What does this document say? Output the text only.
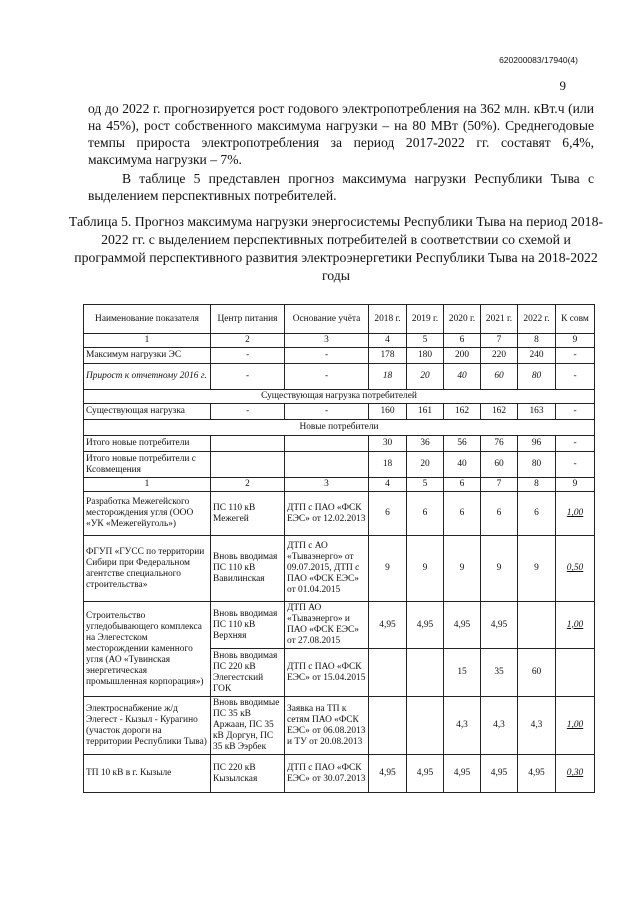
620200083/17940(4)
9

од до 2022 г. прогнозируется рост годового электропотребления на 362 млн. кВт.ч (или на 45%), рост собственного максимума нагрузки – на 80 МВт (50%). Среднегодовые темпы прироста электропотребления за период 2017-2022 гг. составят 6,4%, максимума нагрузки – 7%.

В таблице 5 представлен прогноз максимума нагрузки Республики Тыва с выделением перспективных потребителей.

Таблица 5. Прогноз максимума нагрузки энергосистемы Республики Тыва на период 2018-2022 гг. с выделением перспективных потребителей в соответствии со схемой и программой перспективного развития электроэнергетики Республики Тыва на 2018-2022 годы

Наименование показателя	Центр питания	Основание учёта	2018 г.	2019 г.	2020 г.	2021 г.	2022 г.	К совм
1	2	3	4	5	6	7	8	9
Максимум нагрузки ЭС	-	-	178	180	200	220	240	-
Прирост к отчетному 2016 г.	-	-	18	20	40	60	80	-
Существующая нагрузка потребителей								
Существующая нагрузка	-	-	160	161	162	162	163	-
Новые потребители								
Итого новые потребители			30	36	56	76	96	-
Итого новые потребители с Ксовмещения			18	20	40	60	80	-
1	2	3	4	5	6	7	8	9
Разработка Межегейского месторождения угля (ООО «УК «Межегейуголь»)	ПС 110 кВ Межегей	ДТП с ПАО «ФСК ЕЭС» от 12.02.2013	6	6	6	6	6	1,00
ФГУП «ГУСС по территории Сибири при Федеральном агентстве специального строительства»	Вновь вводимая ПС 110 кВ Вавилинская	ДТП с АО «Тываэнерго» от 09.07.2015, ДТП с ПАО «ФСК ЕЭС» от 01.04.2015	9	9	9	9	9	0,50
Строительство угледобывающего комплекса на Элегестском месторождении каменного угля (АО «Тувинская энергетическая промышленная корпорация»)	Вновь вводимая ПС 110 кВ Верхняя	ДТП АО «Тываэнерго» и ПАО «ФСК ЕЭС» от 27.08.2015	4,95	4,95	4,95	4,95		1,00
	Вновь вводимая ПС 220 кВ Элегестский ГОК	ДТП с ПАО «ФСК ЕЭС» от 15.04.2015			15	35	60	
Электроснабжение ж/д Элегест - Кызыл - Курагино (участок дороги на территории Республики Тыва)	Вновь вводимые ПС 35 кВ Аржаан, ПС 35 кВ Доргун, ПС 35 кВ Ээрбек	Заявка на ТП к сетям ПАО «ФСК ЕЭС» от 06.08.2013 и ТУ от 20.08.2013			4,3	4,3	4,3	1,00
ТП 10 кВ в г. Кызыле	ПС 220 кВ Кызылская	ДТП с ПАО «ФСК ЕЭС» от 30.07.2013	4,95	4,95	4,95	4,95	4,95	0,30
